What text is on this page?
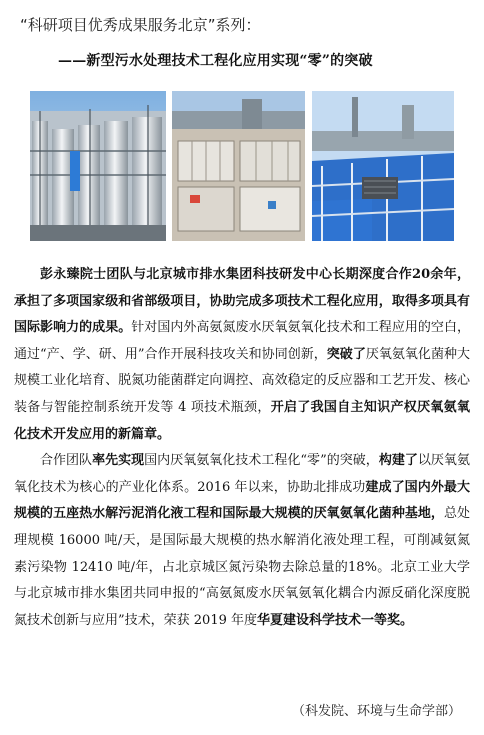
“科研项目优秀成果服务北京”系列：
——新型污水处理技术工程化应用实现“零”的突破

彭永臻院士团队与北京城市排水集团科技研发中心长期深度合作20余年，承担了多项国家级和省部级项目，协助完成多项技术工程化应用，取得多项具有国际影响力的成果。针对国内外高氨氮废水厌氧氨氧化技术和工程应用的空白，通过“产、学、研、用”合作开展科技攻关和协同创新，突破了厌氧氨氧化菌种大规模工业化培育、脱氮功能菌群定向调控、高效稳定的反应器和工艺开发、核心装备与智能控制系统开发等 4 项技术瓶颈，开启了我国自主知识产权厌氧氨氧化技术开发应用的新篇章。

合作团队率先实现国内厌氧氨氧化技术工程化“零”的突破，构建了以厌氧氨氧化技术为核心的产业化体系。2016 年以来，协助北排成功建成了国内外最大规模的五座热水解污泥消化液工程和国际最大规模的厌氧氨氧化菌种基地，总处理规模 16000 吨/天，是国际最大规模的热水解消化液处理工程，可削减氨氮素污染物 12410 吨/年，占北京城区氮污染物去除总量的18%。北京工业大学与北京城市排水集团共同申报的“高氨氮废水厌氧氨氧化耦合内源反硝化深度脱氮技术创新与应用”技术，荣获 2019 年度华夏建设科学技术一等奖。

（科发院、环境与生命学部）
